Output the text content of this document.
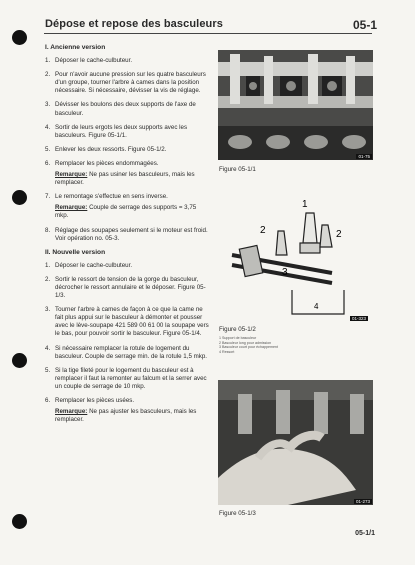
Dépose et repose des basculeurs	05-1
I. Ancienne version
1. Déposer le cache-culbuteur.
2. Pour n'avoir aucune pression sur les quatre basculeurs d'un groupe, tourner l'arbre à cames dans la position nécessaire. Si nécessaire, dévisser la vis de réglage.
3. Dévisser les boulons des deux supports de l'axe de basculeur.
4. Sortir de leurs ergots les deux supports avec les basculeurs. Figure 05-1/1.
5. Enlever les deux ressorts. Figure 05-1/2.
6. Remplacer les pièces endommagées.
Remarque: Ne pas usiner les basculeurs, mais les remplacer.
7. Le remontage s'effectue en sens inverse.
Remarque: Couple de serrage des supports = 3,75 mkp.
8. Réglage des soupapes seulement si le moteur est froid. Voir opération no. 05-3.
II. Nouvelle version
1. Déposer le cache-culbuteur.
2. Sortir le ressort de tension de la gorge du basculeur, décrocher le ressort annulaire et le déposer. Figure 05-1/3.
3. Tourner l'arbre à cames de façon à ce que la came ne fait plus appui sur le basculeur à démonter et pousser avec le lève-soupape 421 589 00 61 00 la soupape vers le bas, pour pouvoir sortir le basculeur. Figure 05-1/4.
4. Si nécessaire remplacer la rotule de logement du basculeur. Couple de serrage min. de la rotule 1,5 mkp.
5. Si la tige fileté pour le logement du basculeur est à remplacer il faut la remonter au falcum et la serrer avec un couple de serrage de 10 mkp.
6. Remplacer les pièces usées.
Remarque: Ne pas ajuster les basculeurs, mais les remplacer.
01-75
Figure 05-1/1
1
2	2
3
4
01-323
Figure 05-1/2
1 Support de basculeur
2 Basculeur long pour admission
3 Basculeur court pour échappement
4 Ressort
01-273
Figure 05-1/3
05-1/1
